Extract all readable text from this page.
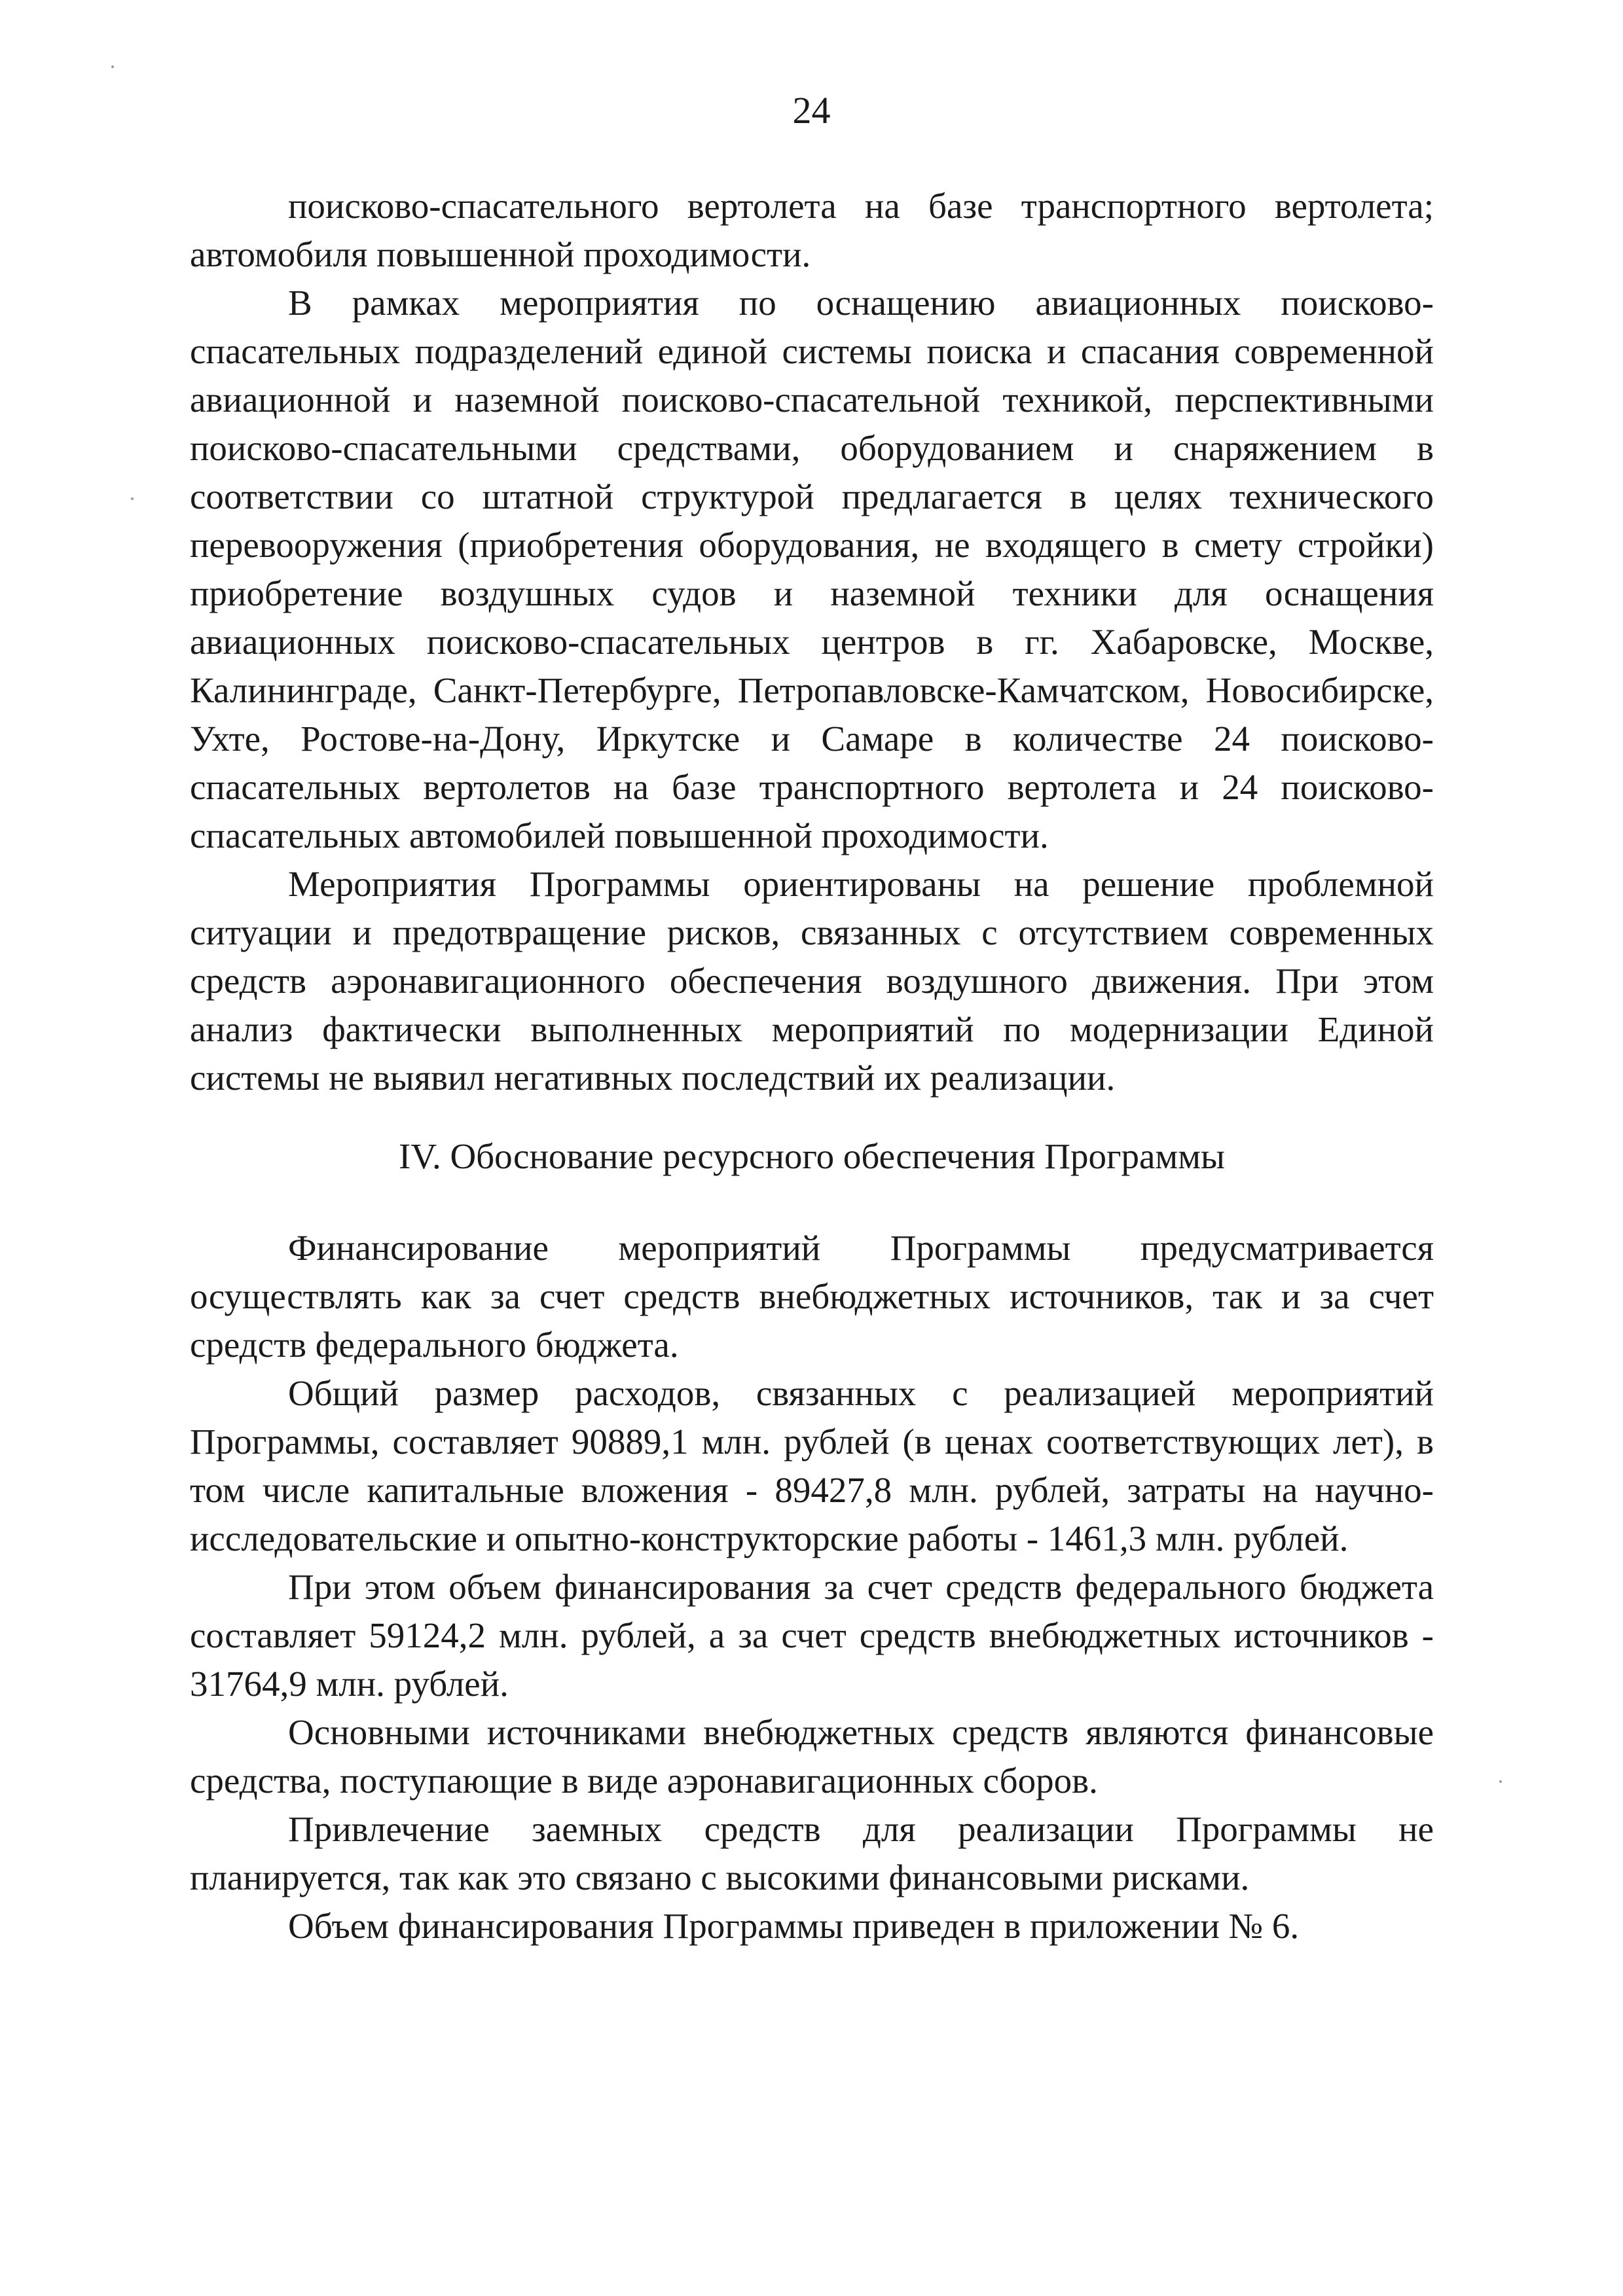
24

поисково-спасательного вертолета на базе транспортного вертолета; автомобиля повышенной проходимости.

В рамках мероприятия по оснащению авиационных поисково-спасательных подразделений единой системы поиска и спасания современной авиационной и наземной поисково-спасательной техникой, перспективными поисково-спасательными средствами, оборудованием и снаряжением в соответствии со штатной структурой предлагается в целях технического перевооружения (приобретения оборудования, не входящего в смету стройки) приобретение воздушных судов и наземной техники для оснащения авиационных поисково-спасательных центров в гг. Хабаровске, Москве, Калининграде, Санкт-Петербурге, Петропавловске-Камчатском, Новосибирске, Ухте, Ростове-на-Дону, Иркутске и Самаре в количестве 24 поисково-спасательных вертолетов на базе транспортного вертолета и 24 поисково-спасательных автомобилей повышенной проходимости.

Мероприятия Программы ориентированы на решение проблемной ситуации и предотвращение рисков, связанных с отсутствием современных средств аэронавигационного обеспечения воздушного движения. При этом анализ фактически выполненных мероприятий по модернизации Единой системы не выявил негативных последствий их реализации.

IV. Обоснование ресурсного обеспечения Программы

Финансирование мероприятий Программы предусматривается осуществлять как за счет средств внебюджетных источников, так и за счет средств федерального бюджета.

Общий размер расходов, связанных с реализацией мероприятий Программы, составляет 90889,1 млн. рублей (в ценах соответствующих лет), в том числе капитальные вложения - 89427,8 млн. рублей, затраты на научно-исследовательские и опытно-конструкторские работы - 1461,3 млн. рублей.

При этом объем финансирования за счет средств федерального бюджета составляет 59124,2 млн. рублей, а за счет средств внебюджетных источников - 31764,9 млн. рублей.

Основными источниками внебюджетных средств являются финансовые средства, поступающие в виде аэронавигационных сборов.

Привлечение заемных средств для реализации Программы не планируется, так как это связано с высокими финансовыми рисками.

Объем финансирования Программы приведен в приложении № 6.
